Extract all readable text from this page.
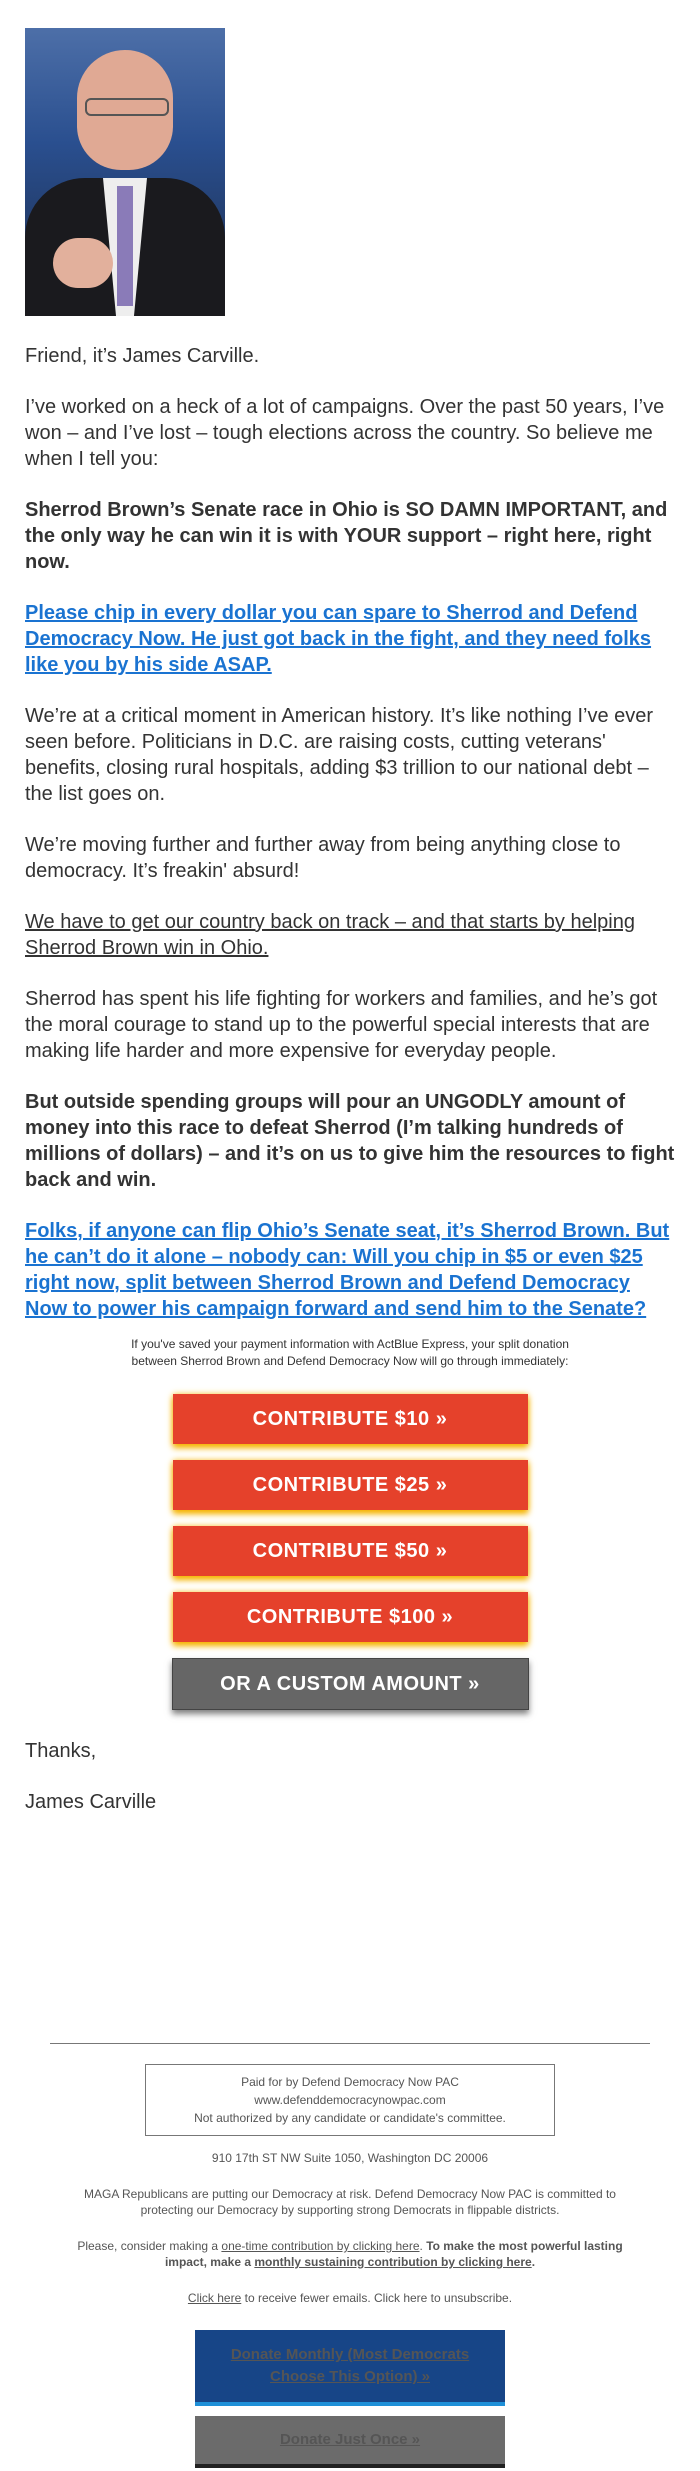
Friend, it’s James Carville.

I’ve worked on a heck of a lot of campaigns. Over the past 50 years, I’ve won – and I’ve lost – tough elections across the country. So believe me when I tell you:

Sherrod Brown’s Senate race in Ohio is SO DAMN IMPORTANT, and the only way he can win it is with YOUR support – right here, right now.

Please chip in every dollar you can spare to Sherrod and Defend Democracy Now. He just got back in the fight, and they need folks like you by his side ASAP.

We’re at a critical moment in American history. It’s like nothing I’ve ever seen before. Politicians in D.C. are raising costs, cutting veterans' benefits, closing rural hospitals, adding $3 trillion to our national debt – the list goes on.

We’re moving further and further away from being anything close to democracy. It’s freakin' absurd!

We have to get our country back on track – and that starts by helping Sherrod Brown win in Ohio.

Sherrod has spent his life fighting for workers and families, and he’s got the moral courage to stand up to the powerful special interests that are making life harder and more expensive for everyday people.

But outside spending groups will pour an UNGODLY amount of money into this race to defeat Sherrod (I’m talking hundreds of millions of dollars) – and it’s on us to give him the resources to fight back and win.

Folks, if anyone can flip Ohio’s Senate seat, it’s Sherrod Brown. But he can’t do it alone – nobody can: Will you chip in $5 or even $25 right now, split between Sherrod Brown and Defend Democracy Now to power his campaign forward and send him to the Senate?

If you've saved your payment information with ActBlue Express, your split donation between Sherrod Brown and Defend Democracy Now will go through immediately:
CONTRIBUTE $10 »
CONTRIBUTE $25 »
CONTRIBUTE $50 »
CONTRIBUTE $100 »
OR A CUSTOM AMOUNT »

Thanks,

James Carville

Paid for by Defend Democracy Now PAC
www.defenddemocracynowpac.com
Not authorized by any candidate or candidate's committee.
910 17th ST NW Suite 1050, Washington DC 20006
MAGA Republicans are putting our Democracy at risk. Defend Democracy Now PAC is committed to protecting our Democracy by supporting strong Democrats in flippable districts.
Please, consider making a one-time contribution by clicking here. To make the most powerful lasting impact, make a monthly sustaining contribution by clicking here.
Click here to receive fewer emails. Click here to unsubscribe.
Donate Monthly (Most Democrats Choose This Option) »
Donate Just Once »
